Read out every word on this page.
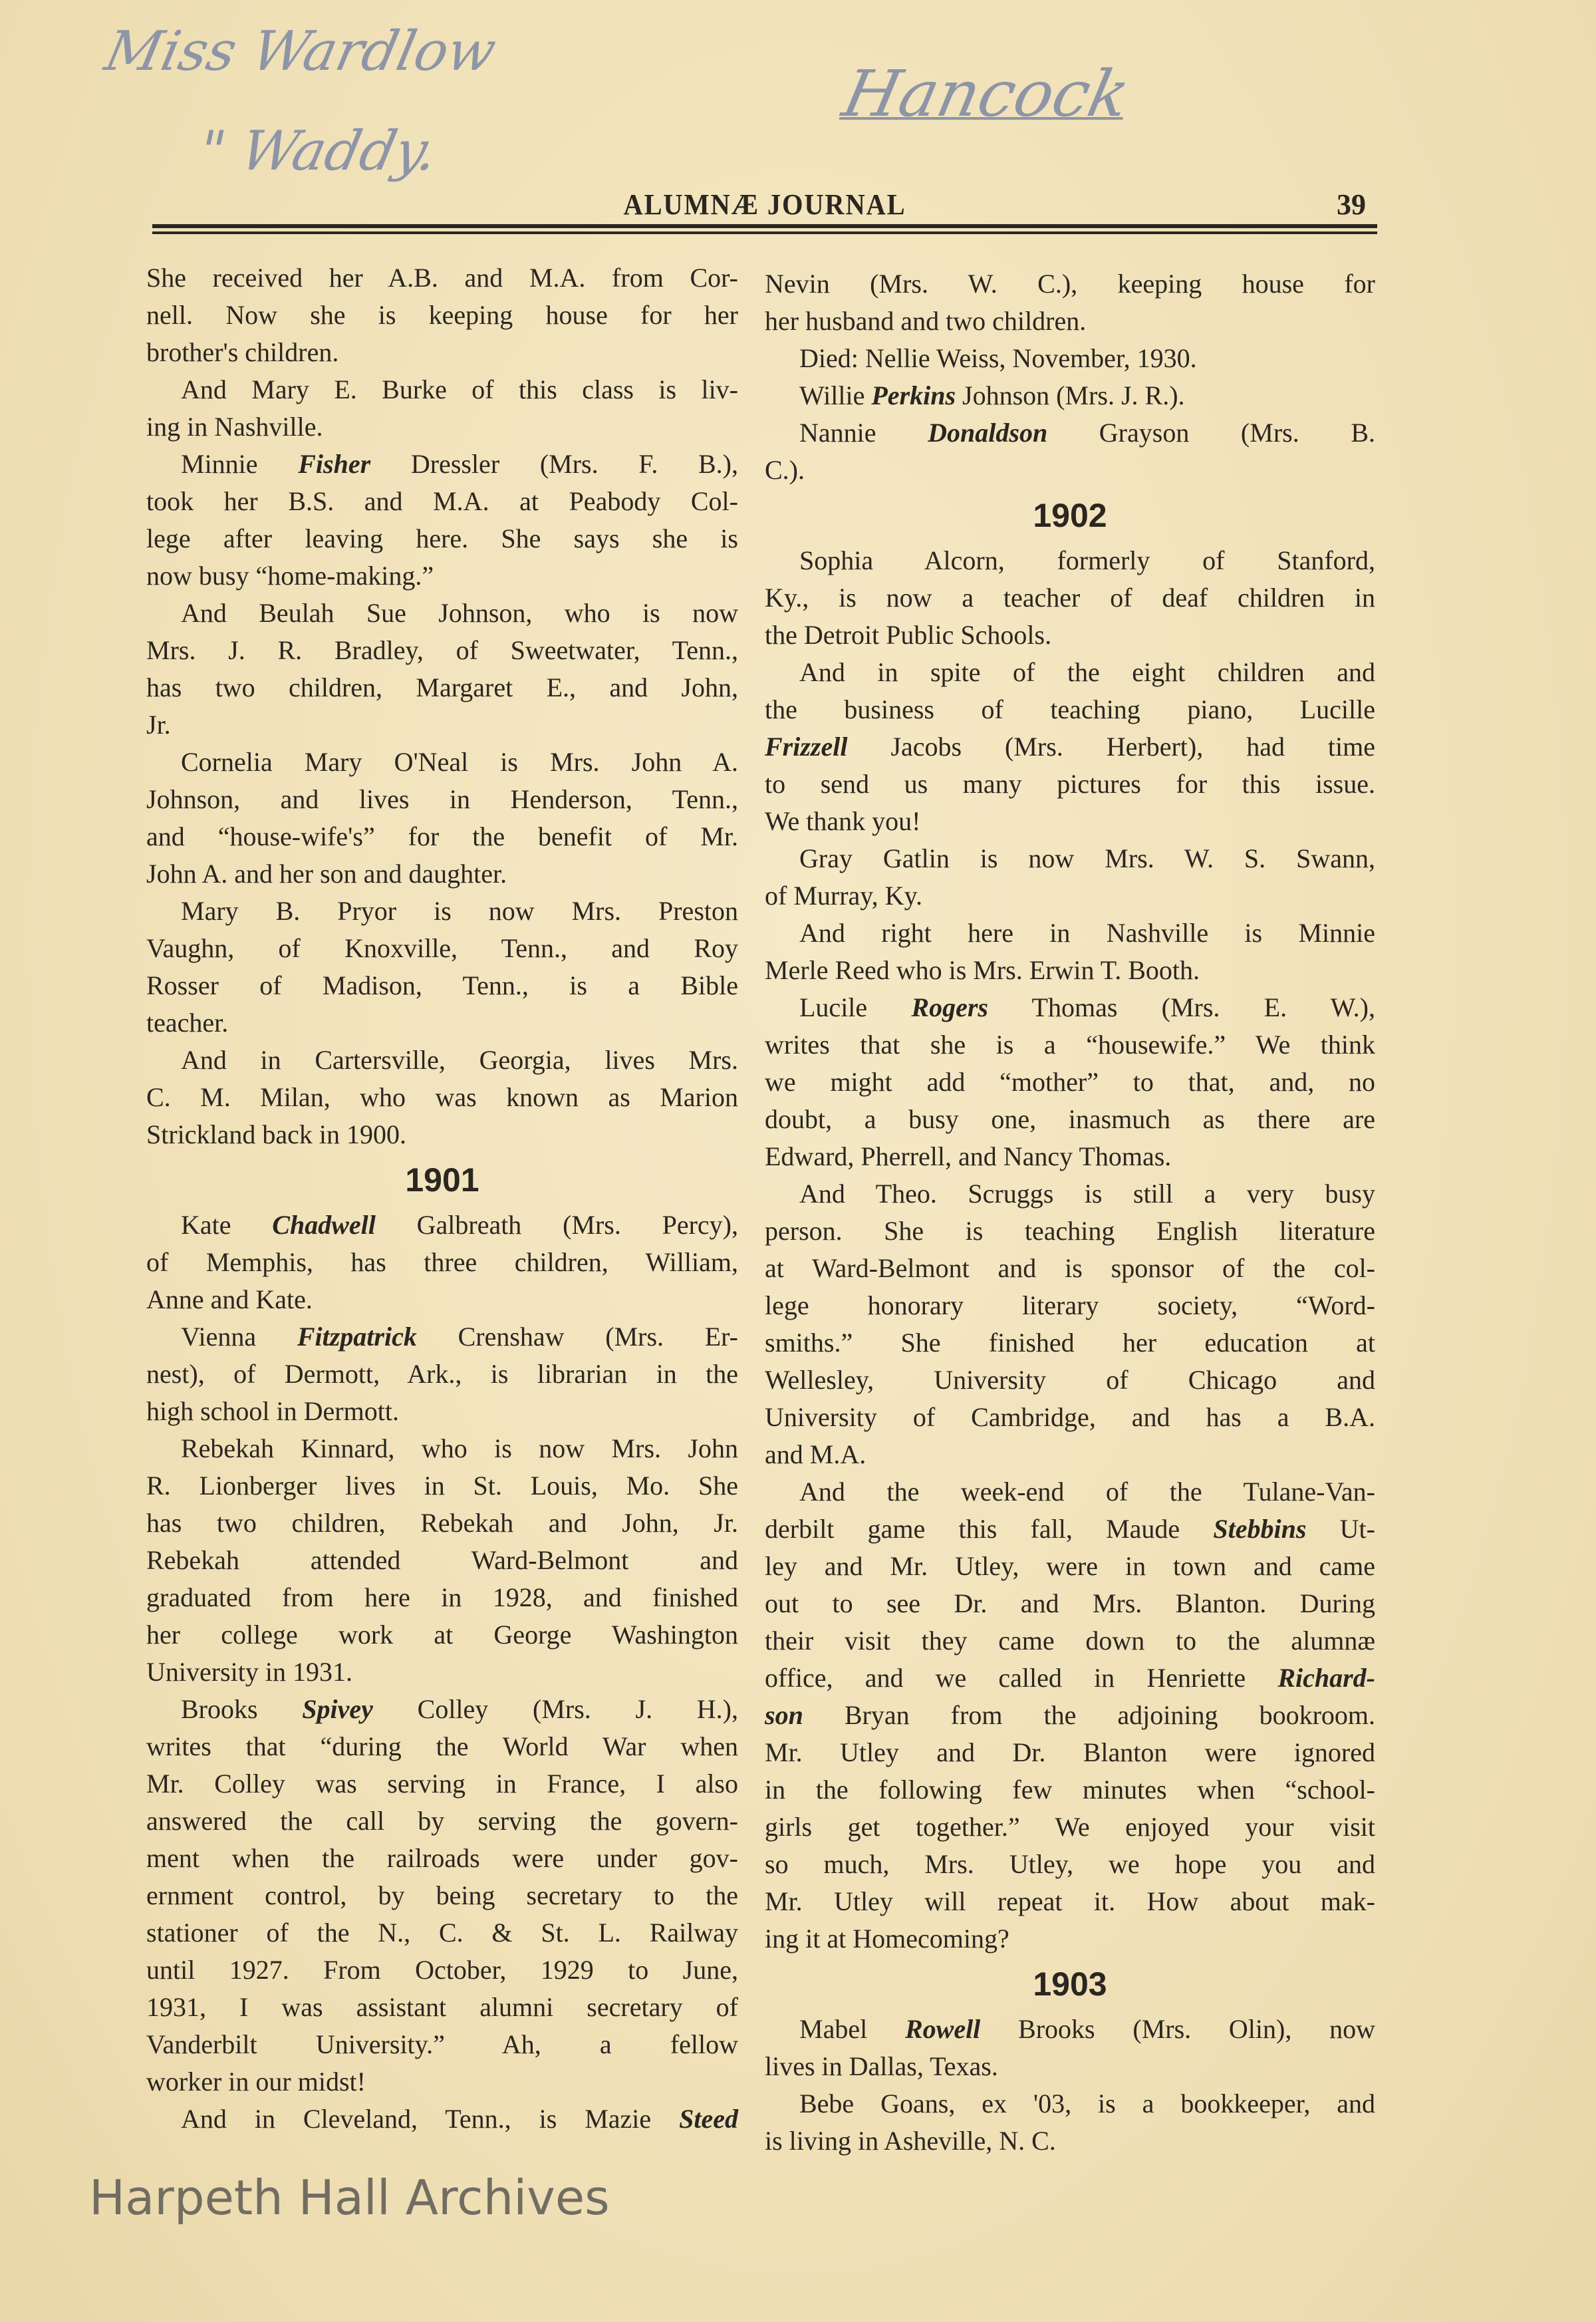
Miss Wardlow
" Waddy.
Hancock
ALUMNÆ JOURNAL	39
She received her A.B. and M.A. from Cor-
nell. Now she is keeping house for her
brother's children.
And Mary E. Burke of this class is liv-
ing in Nashville.
Minnie Fisher Dressler (Mrs. F. B.),
took her B.S. and M.A. at Peabody Col-
lege after leaving here. She says she is
now busy “home-making.”
And Beulah Sue Johnson, who is now
Mrs. J. R. Bradley, of Sweetwater, Tenn.,
has two children, Margaret E., and John,
Jr.
Cornelia Mary O'Neal is Mrs. John A.
Johnson, and lives in Henderson, Tenn.,
and “house-wife's” for the benefit of Mr.
John A. and her son and daughter.
Mary B. Pryor is now Mrs. Preston
Vaughn, of Knoxville, Tenn., and Roy
Rosser of Madison, Tenn., is a Bible
teacher.
And in Cartersville, Georgia, lives Mrs.
C. M. Milan, who was known as Marion
Strickland back in 1900.
1901
Kate Chadwell Galbreath (Mrs. Percy),
of Memphis, has three children, William,
Anne and Kate.
Vienna Fitzpatrick Crenshaw (Mrs. Er-
nest), of Dermott, Ark., is librarian in the
high school in Dermott.
Rebekah Kinnard, who is now Mrs. John
R. Lionberger lives in St. Louis, Mo. She
has two children, Rebekah and John, Jr.
Rebekah attended Ward-Belmont and
graduated from here in 1928, and finished
her college work at George Washington
University in 1931.
Brooks Spivey Colley (Mrs. J. H.),
writes that “during the World War when
Mr. Colley was serving in France, I also
answered the call by serving the govern-
ment when the railroads were under gov-
ernment control, by being secretary to the
stationer of the N., C. & St. L. Railway
until 1927. From October, 1929 to June,
1931, I was assistant alumni secretary of
Vanderbilt University.” Ah, a fellow
worker in our midst!
And in Cleveland, Tenn., is Mazie Steed
Nevin (Mrs. W. C.), keeping house for
her husband and two children.
Died: Nellie Weiss, November, 1930.
Willie Perkins Johnson (Mrs. J. R.).
Nannie Donaldson Grayson (Mrs. B.
C.).
1902
Sophia Alcorn, formerly of Stanford,
Ky., is now a teacher of deaf children in
the Detroit Public Schools.
And in spite of the eight children and
the business of teaching piano, Lucille
Frizzell Jacobs (Mrs. Herbert), had time
to send us many pictures for this issue.
We thank you!
Gray Gatlin is now Mrs. W. S. Swann,
of Murray, Ky.
And right here in Nashville is Minnie
Merle Reed who is Mrs. Erwin T. Booth.
Lucile Rogers Thomas (Mrs. E. W.),
writes that she is a “housewife.” We think
we might add “mother” to that, and, no
doubt, a busy one, inasmuch as there are
Edward, Pherrell, and Nancy Thomas.
And Theo. Scruggs is still a very busy
person. She is teaching English literature
at Ward-Belmont and is sponsor of the col-
lege honorary literary society, “Word-
smiths.” She finished her education at
Wellesley, University of Chicago and
University of Cambridge, and has a B.A.
and M.A.
And the week-end of the Tulane-Van-
derbilt game this fall, Maude Stebbins Ut-
ley and Mr. Utley, were in town and came
out to see Dr. and Mrs. Blanton. During
their visit they came down to the alumnæ
office, and we called in Henriette Richard-
son Bryan from the adjoining bookroom.
Mr. Utley and Dr. Blanton were ignored
in the following few minutes when “school-
girls get together.” We enjoyed your visit
so much, Mrs. Utley, we hope you and
Mr. Utley will repeat it. How about mak-
ing it at Homecoming?
1903
Mabel Rowell Brooks (Mrs. Olin), now
lives in Dallas, Texas.
Bebe Goans, ex '03, is a bookkeeper, and
is living in Asheville, N. C.
Harpeth Hall Archives
